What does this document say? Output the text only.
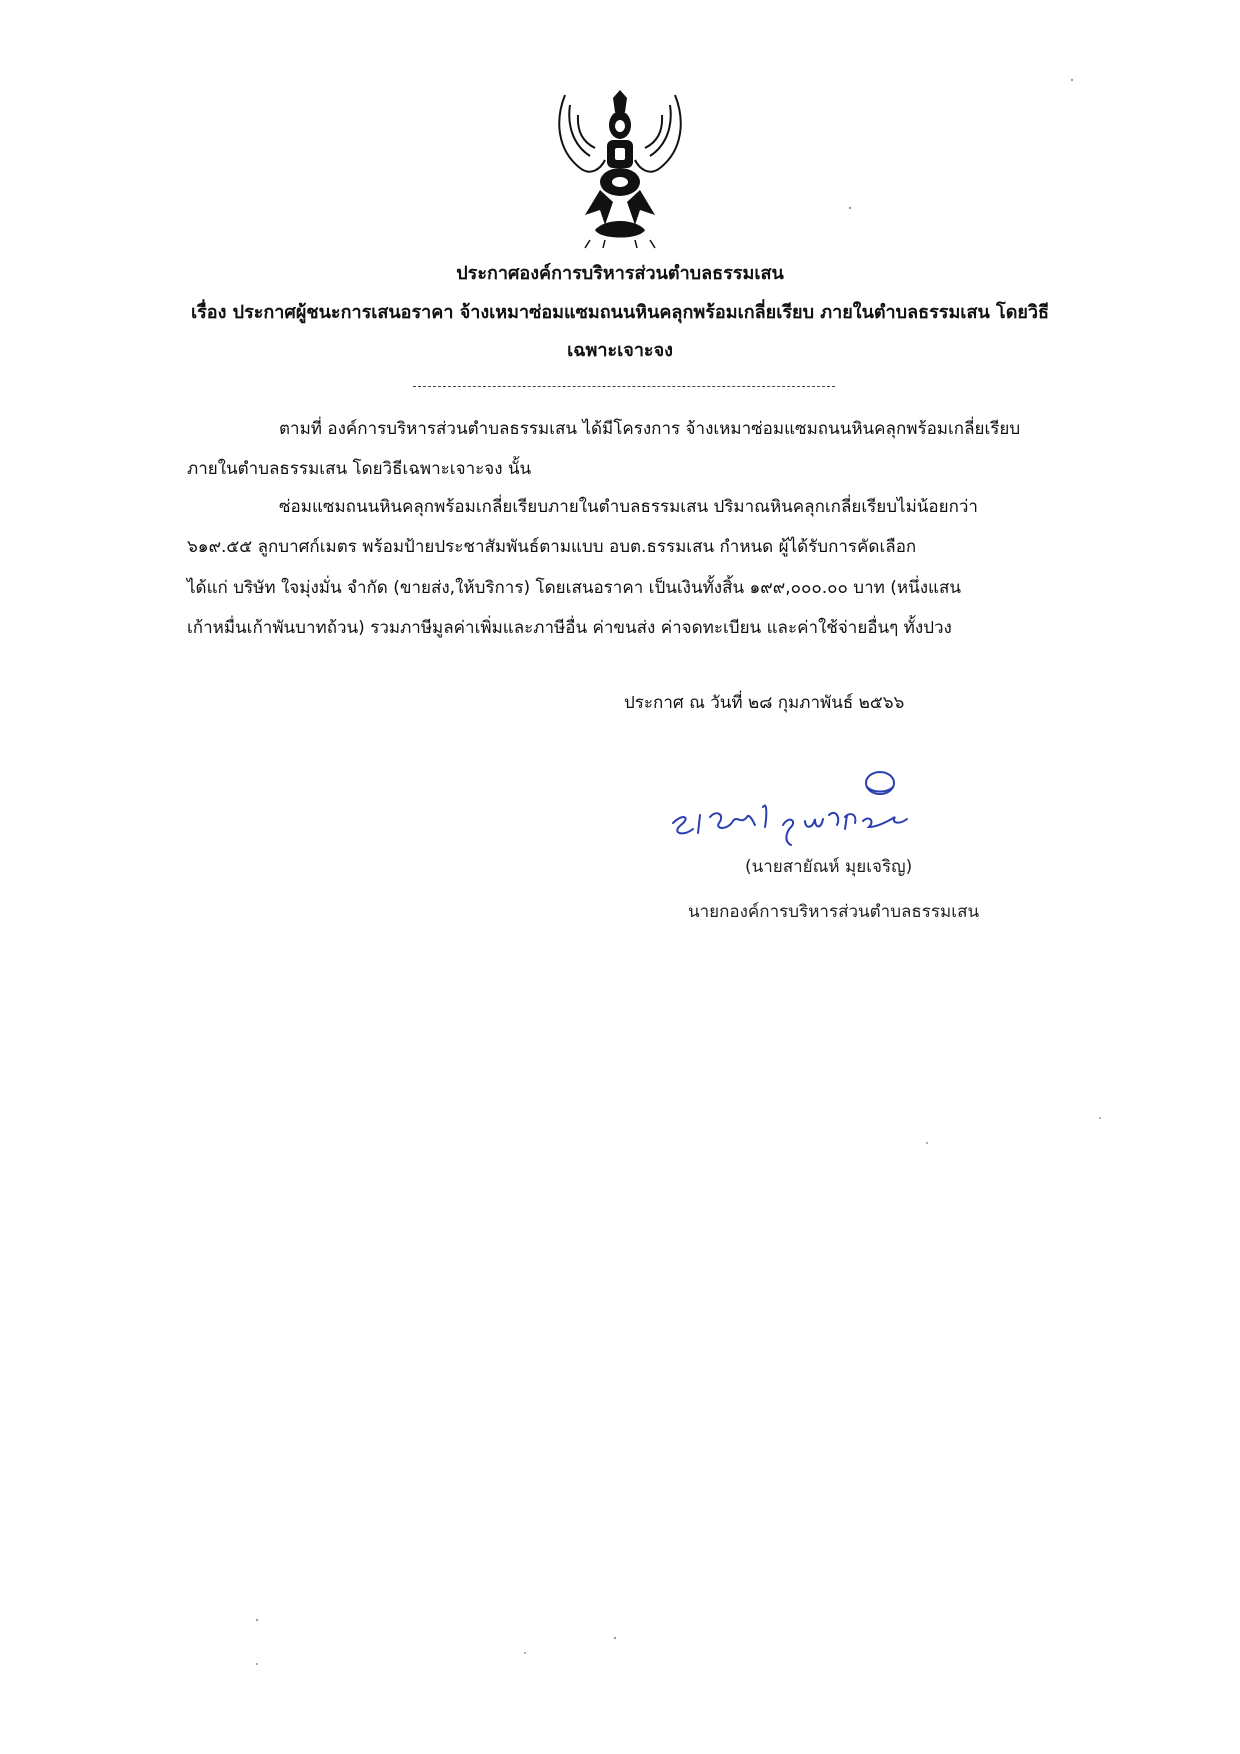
ประกาศองค์การบริหารส่วนตำบลธรรมเสน
เรื่อง ประกาศผู้ชนะการเสนอราคา จ้างเหมาซ่อมแซมถนนหินคลุกพร้อมเกลี่ยเรียบ ภายในตำบลธรรมเสน โดยวิธี
เฉพาะเจาะจง
ตามที่ องค์การบริหารส่วนตำบลธรรมเสน ได้มีโครงการ จ้างเหมาซ่อมแซมถนนหินคลุกพร้อมเกลี่ยเรียบ
ภายในตำบลธรรมเสน โดยวิธีเฉพาะเจาะจง นั้น
ซ่อมแซมถนนหินคลุกพร้อมเกลี่ยเรียบภายในตำบลธรรมเสน ปริมาณหินคลุกเกลี่ยเรียบไม่น้อยกว่า
๖๑๙.๕๕ ลูกบาศก์เมตร พร้อมป้ายประชาสัมพันธ์ตามแบบ อบต.ธรรมเสน กำหนด ผู้ได้รับการคัดเลือก
ได้แก่ บริษัท ใจมุ่งมั่น จำกัด (ขายส่ง,ให้บริการ) โดยเสนอราคา เป็นเงินทั้งสิ้น ๑๙๙,๐๐๐.๐๐ บาท (หนึ่งแสน
เก้าหมื่นเก้าพันบาทถ้วน) รวมภาษีมูลค่าเพิ่มและภาษีอื่น ค่าขนส่ง ค่าจดทะเบียน และค่าใช้จ่ายอื่นๆ ทั้งปวง
ประกาศ ณ วันที่ ๒๘ กุมภาพันธ์ ๒๕๖๖
(นายสายัณห์ มุยเจริญ)
นายกองค์การบริหารส่วนตำบลธรรมเสน
